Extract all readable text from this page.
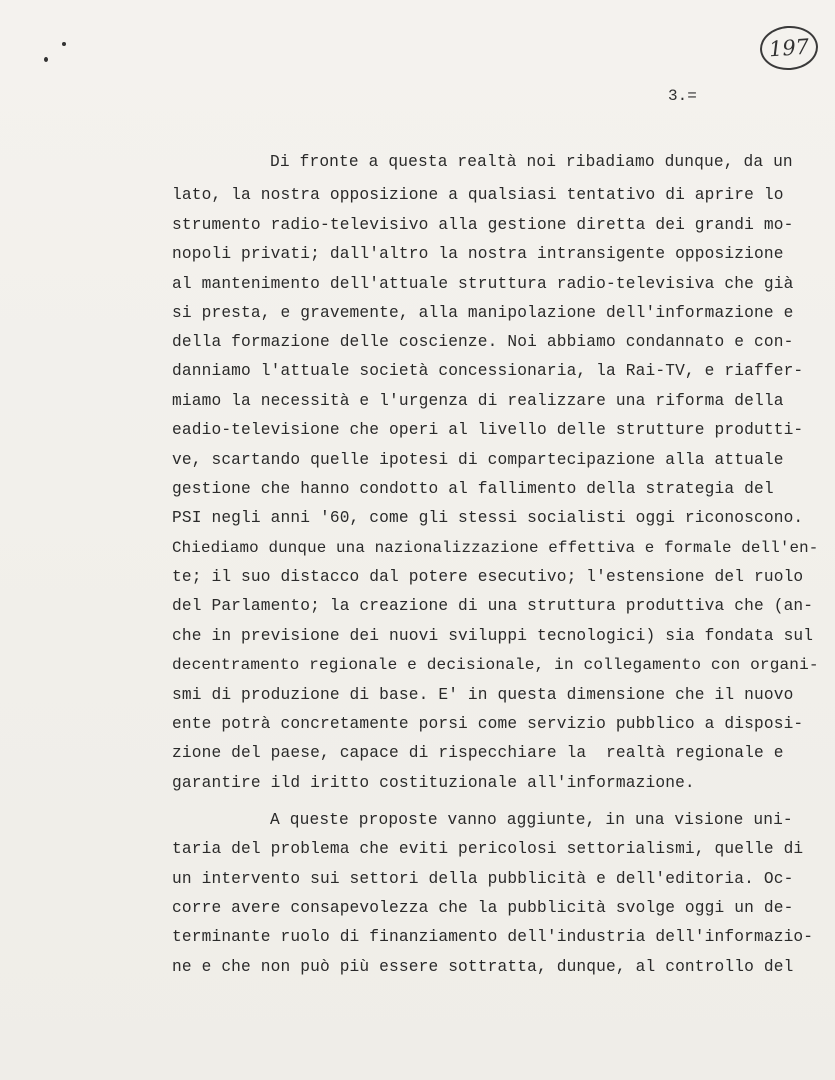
197
3.=
Di fronte a questa realtà noi ribadiamo dunque, da un
lato, la nostra opposizione a qualsiasi tentativo di aprire lo
strumento radio-televisivo alla gestione diretta dei grandi mo-
nopoli privati; dall'altro la nostra intransigente opposizione
al mantenimento dell'attuale struttura radio-televisiva che già
si presta, e gravemente, alla manipolazione dell'informazione e
della formazione delle coscienze. Noi abbiamo condannato e con-
danniamo l'attuale società concessionaria, la Rai-TV, e riaffer-
miamo la necessità e l'urgenza di realizzare una riforma della
eadio-televisione che operi al livello delle strutture produtti-
ve, scartando quelle ipotesi di compartecipazione alla attuale
gestione che hanno condotto al fallimento della strategia del
PSI negli anni '60, come gli stessi socialisti oggi riconoscono.
Chiediamo dunque una nazionalizzazione effettiva e formale dell'en-
te; il suo distacco dal potere esecutivo; l'estensione del ruolo
del Parlamento; la creazione di una struttura produttiva che (an-
che in previsione dei nuovi sviluppi tecnologici) sia fondata sul
decentramento regionale e decisionale, in collegamento con organi-
smi di produzione di base. E' in questa dimensione che il nuovo
ente potrà concretamente porsi come servizio pubblico a disposi-
zione del paese, capace di rispecchiare la  realtà regionale e
garantire ild iritto costituzionale all'informazione.
A queste proposte vanno aggiunte, in una visione uni-
taria del problema che eviti pericolosi settorialismi, quelle di
un intervento sui settori della pubblicità e dell'editoria. Oc-
corre avere consapevolezza che la pubblicità svolge oggi un de-
terminante ruolo di finanziamento dell'industria dell'informazio-
ne e che non può più essere sottratta, dunque, al controllo del
